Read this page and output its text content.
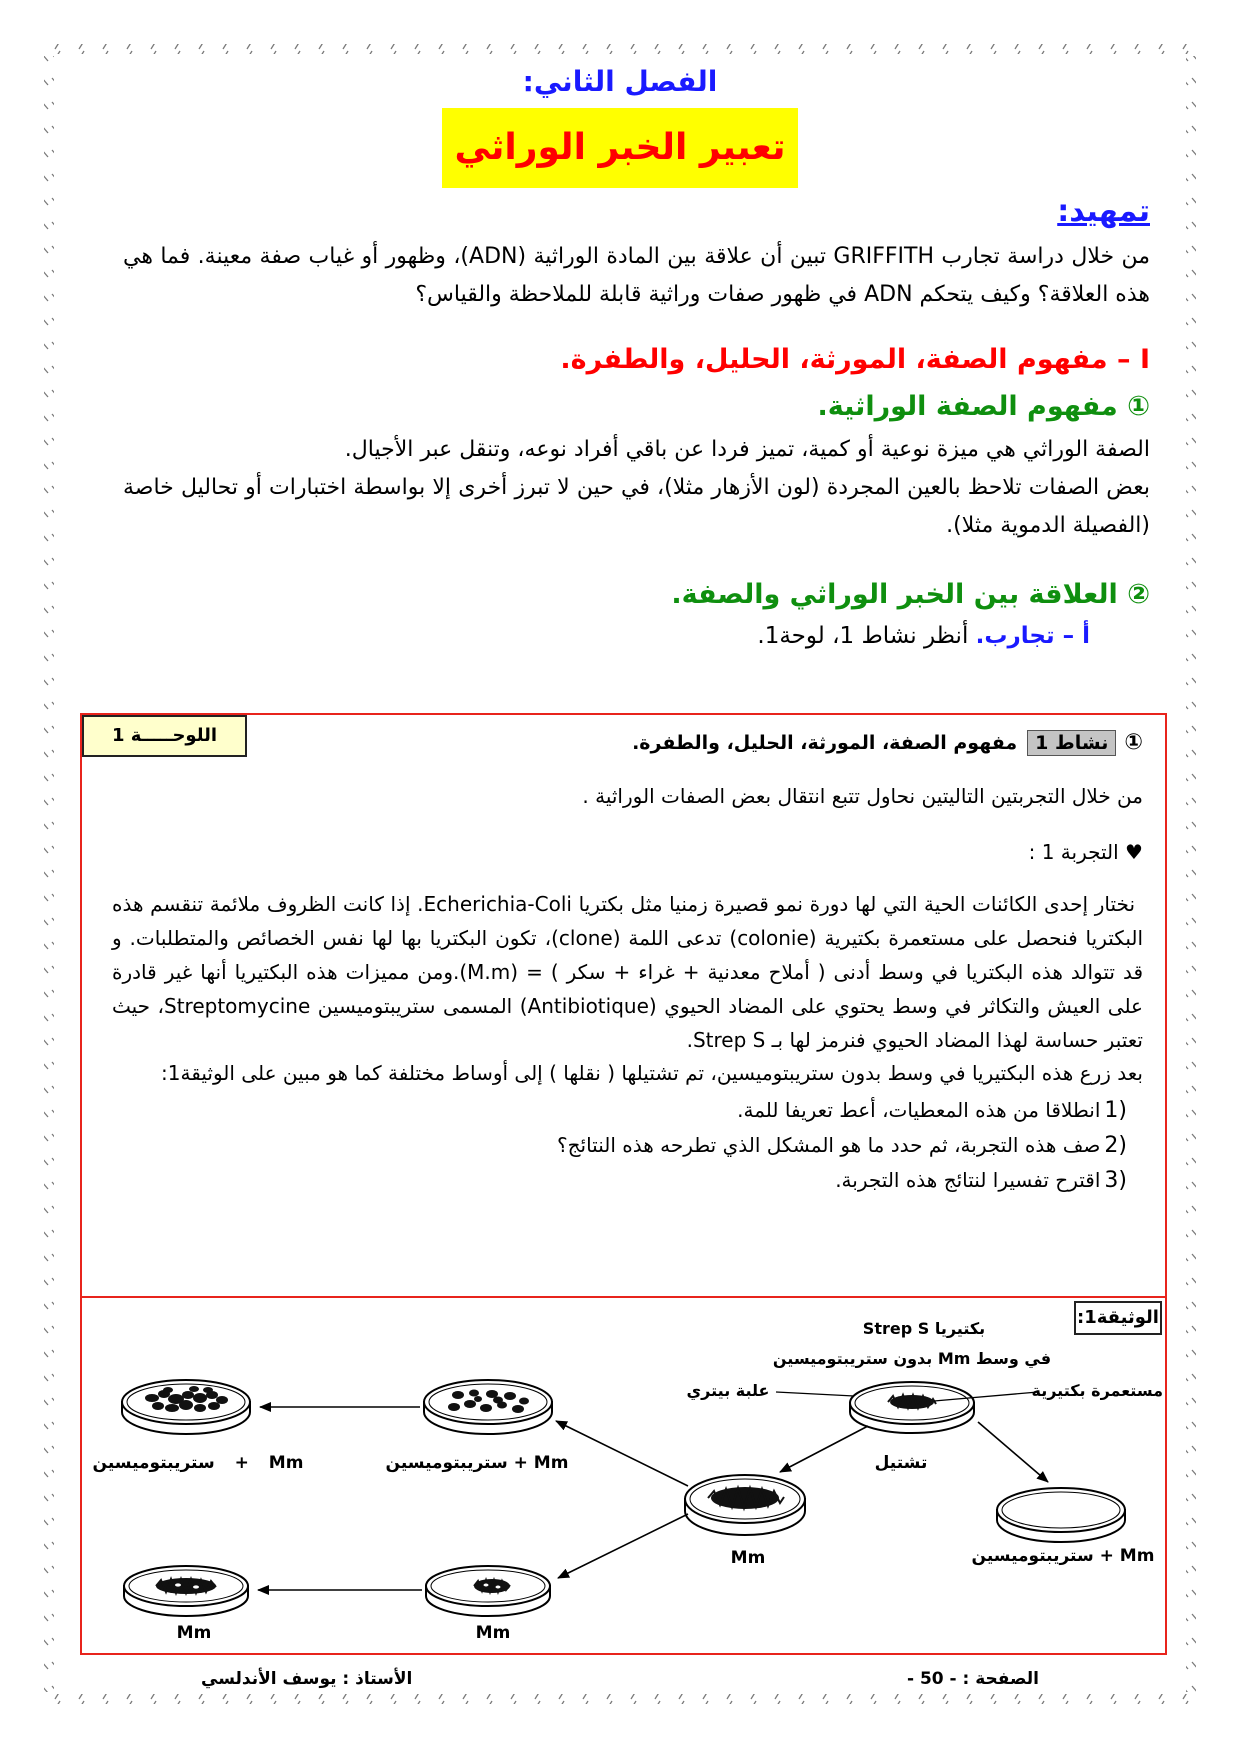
الفصل الثاني:
تعبير الخبر الوراثي

تمهيد:

من خلال دراسة تجارب GRIFFITH تبين أن علاقة بين المادة الوراثية (ADN)، وظهور أو غياب صفة معينة. فما هي هذه العلاقة؟ وكيف يتحكم ADN في ظهور صفات وراثية قابلة للملاحظة والقياس؟

I – مفهوم الصفة، المورثة، الحليل، والطفرة.

① مفهوم الصفة الوراثية.

الصفة الوراثي هي ميزة نوعية أو كمية، تميز فردا عن باقي أفراد نوعه، وتنقل عبر الأجيال.

بعض الصفات تلاحظ بالعين المجردة (لون الأزهار مثلا)، في حين لا تبرز أخرى إلا بواسطة اختبارات أو تحاليل خاصة (الفصيلة الدموية مثلا).

② العلاقة بين الخبر الوراثي والصفة.

أ – تجارب. أنظر نشاط 1، لوحة1.

اللوحـــــة 1	①نشاط 1مفهوم الصفة، المورثة، الحليل، والطفرة.

من خلال التجربتين التاليتين نحاول تتبع انتقال بعض الصفات الوراثية .

♥ التجربة 1 :

نختار إحدى الكائنات الحية التي لها دورة نمو قصيرة زمنيا مثل بكتريا Echerichia-Coli. إذا كانت الظروف ملائمة تنقسم هذه البكتريا فنحصل على مستعمرة بكتيرية (colonie) تدعى اللمة (clone)، تكون البكتريا بها لها نفس الخصائص والمتطلبات. و قد تتوالد هذه البكتريا في وسط أدنى ( أملاح معدنية + غراء + سكر ) = (M.m).ومن مميزات هذه البكتيريا أنها غير قادرة على العيش والتكاثر في وسط يحتوي على المضاد الحيوي (Antibiotique) المسمى ستريبتوميسين Streptomycine، حيث تعتبر حساسة لهذا المضاد الحيوي فنرمز لها بـ Strep S.

بعد زرع هذه البكتيريا في وسط بدون ستريبتوميسين، تم تشتيلها ( نقلها ) إلى أوساط مختلفة كما هو مبين على الوثيقة1:

1)انطلاقا من هذه المعطيات، أعط تعريفا للمة.
2)صف هذه التجربة، ثم حدد ما هو المشكل الذي تطرحه هذه النتائج؟
3)اقترح تفسيرا لنتائج هذه التجربة.
الوثيقة1:
بكتيريا Strep S
في وسط Mm بدون ستريبتوميسين
علبة بيتري	مستعمرة بكتيرية
تشتيل
Mm + ستريبتوميسين
Mm
Mm + ستريبتوميسين
Mm + ستريبتوميسين
Mm
Mm
الصفحة : - 50 -
الأستاذ : يوسف الأندلسي
